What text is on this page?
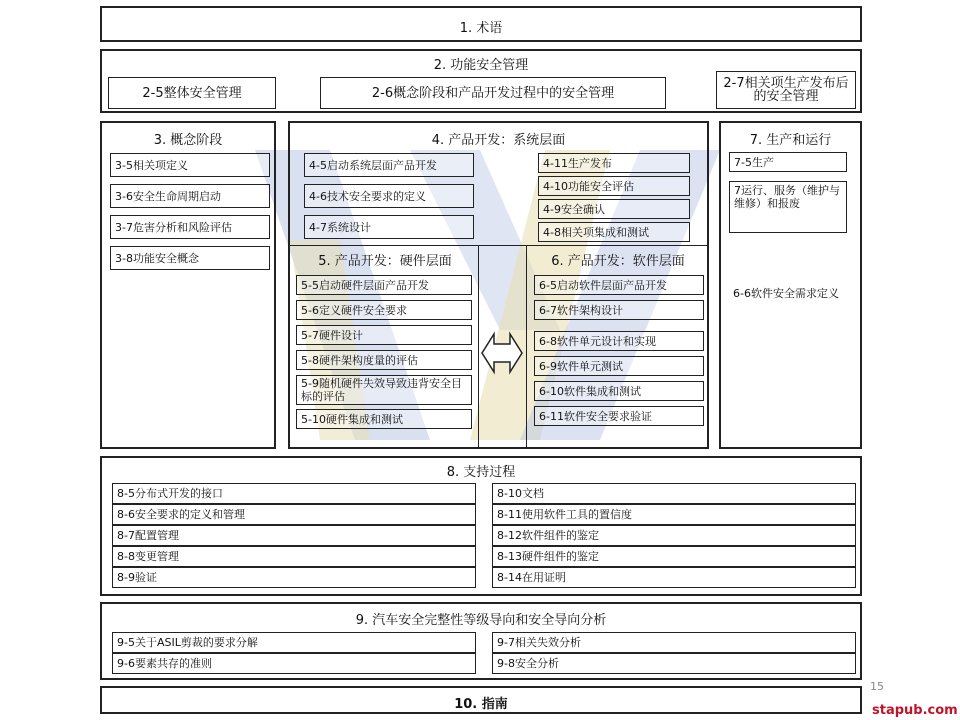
1. 术语
2. 功能安全管理
2-5整体安全管理	2-6概念阶段和产品开发过程中的安全管理
2-7相关项生产发布后的安全管理
3. 概念阶段
3-5相关项定义
3-6安全生命周期启动
3-7危害分析和风险评估
3-8功能安全概念
4. 产品开发：系统层面
4-5启动系统层面产品开发
4-6技术安全要求的定义
4-7系统设计
4-11生产发布
4-10功能安全评估
4-9安全确认
4-8相关项集成和测试
5. 产品开发：硬件层面
5-5启动硬件层面产品开发
5-6定义硬件安全要求
5-7硬件设计
5-8硬件架构度量的评估
5-9随机硬件失效导致违背安全目标的评估
5-10硬件集成和测试
6. 产品开发：软件层面
6-5启动软件层面产品开发
6-7软件架构设计
6-8软件单元设计和实现
6-9软件单元测试
6-10软件集成和测试
6-11软件安全要求验证
7. 生产和运行
7-5生产
7运行、服务（维护与维修）和报废
6-6软件安全需求定义
8. 支持过程
8-5分布式开发的接口
8-6安全要求的定义和管理
8-7配置管理
8-8变更管理
8-9验证
8-10文档
8-11使用软件工具的置信度
8-12软件组件的鉴定
8-13硬件组件的鉴定
8-14在用证明
9. 汽车安全完整性等级导向和安全导向分析
9-5关于ASIL剪裁的要求分解
9-6要素共存的准则
9-7相关失效分析
9-8安全分析
15
10. 指南	stapub.com
